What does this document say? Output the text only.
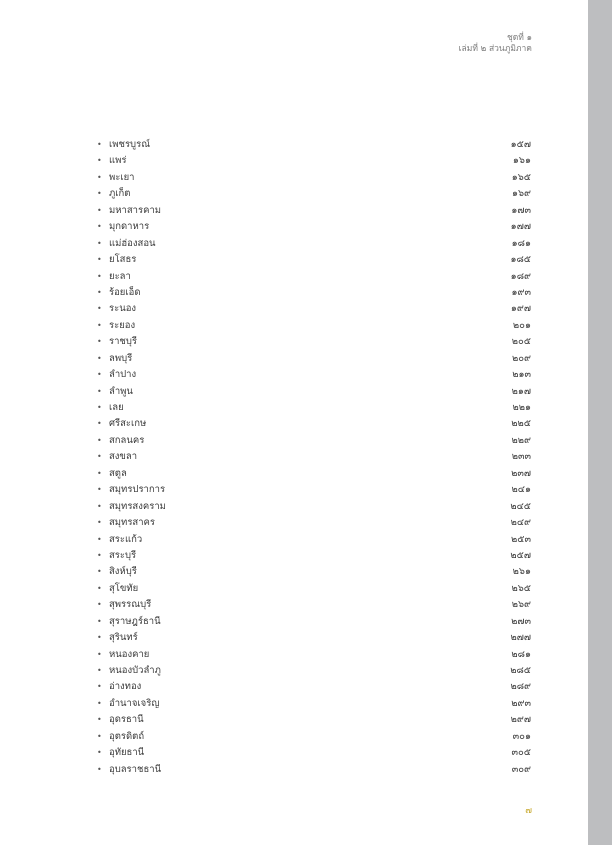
ชุดที่ ๑
เล่มที่ ๒ ส่วนภูมิภาค
• เพชรบูรณ์	๑๕๗
• แพร่	๑๖๑
• พะเยา	๑๖๕
• ภูเก็ต	๑๖๙
• มหาสารคาม	๑๗๓
• มุกดาหาร	๑๗๗
• แม่ฮ่องสอน	๑๘๑
• ยโสธร	๑๘๕
• ยะลา	๑๘๙
• ร้อยเอ็ด	๑๙๓
• ระนอง	๑๙๗
• ระยอง	๒๐๑
• ราชบุรี	๒๐๕
• ลพบุรี	๒๐๙
• ลำปาง	๒๑๓
• ลำพูน	๒๑๗
• เลย	๒๒๑
• ศรีสะเกษ	๒๒๕
• สกลนคร	๒๒๙
• สงขลา	๒๓๓
• สตูล	๒๓๗
• สมุทรปราการ	๒๔๑
• สมุทรสงคราม	๒๔๕
• สมุทรสาคร	๒๔๙
• สระแก้ว	๒๕๓
• สระบุรี	๒๕๗
• สิงห์บุรี	๒๖๑
• สุโขทัย	๒๖๕
• สุพรรณบุรี	๒๖๙
• สุราษฎร์ธานี	๒๗๓
• สุรินทร์	๒๗๗
• หนองคาย	๒๘๑
• หนองบัวลำภู	๒๘๕
• อ่างทอง	๒๘๙
• อำนาจเจริญ	๒๙๓
• อุดรธานี	๒๙๗
• อุตรดิตถ์	๓๐๑
• อุทัยธานี	๓๐๕
• อุบลราชธานี	๓๐๙
๗
